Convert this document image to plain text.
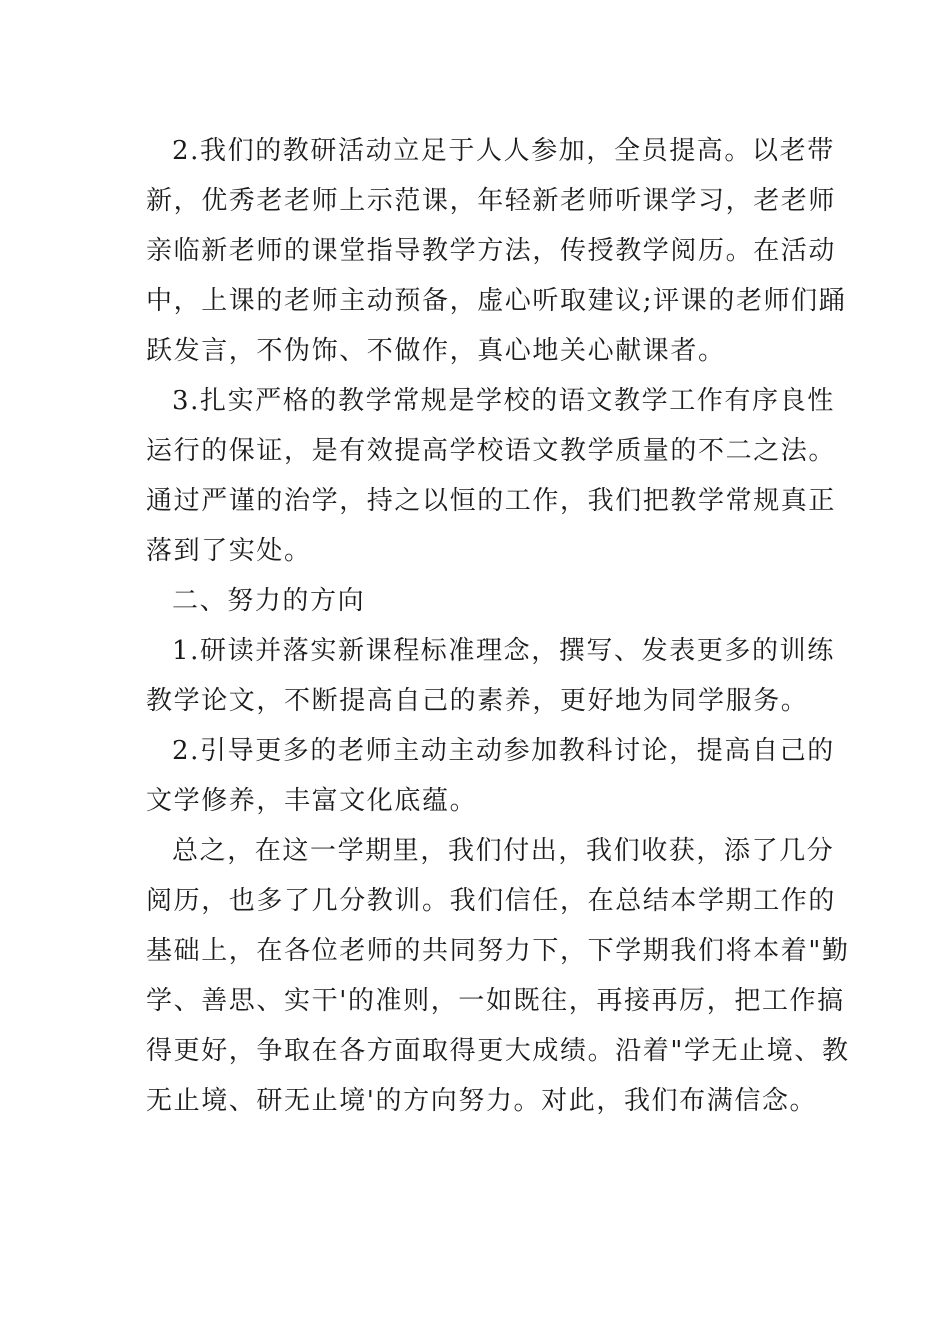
2.我们的教研活动立足于人人参加，全员提高。以老带
新，优秀老老师上示范课，年轻新老师听课学习，老老师
亲临新老师的课堂指导教学方法，传授教学阅历。在活动
中，上课的老师主动预备，虚心听取建议;评课的老师们踊
跃发言，不伪饰、不做作，真心地关心献课者。
3.扎实严格的教学常规是学校的语文教学工作有序良性
运行的保证，是有效提高学校语文教学质量的不二之法。
通过严谨的治学，持之以恒的工作，我们把教学常规真正
落到了实处。
二、努力的方向
1.研读并落实新课程标准理念，撰写、发表更多的训练
教学论文，不断提高自己的素养，更好地为同学服务。
2.引导更多的老师主动主动参加教科讨论，提高自己的
文学修养，丰富文化底蕴。
总之，在这一学期里，我们付出，我们收获，添了几分
阅历，也多了几分教训。我们信任，在总结本学期工作的
基础上，在各位老师的共同努力下，下学期我们将本着"勤
学、善思、实干'的准则，一如既往，再接再厉，把工作搞
得更好，争取在各方面取得更大成绩。沿着"学无止境、教
无止境、研无止境'的方向努力。对此，我们布满信念。
